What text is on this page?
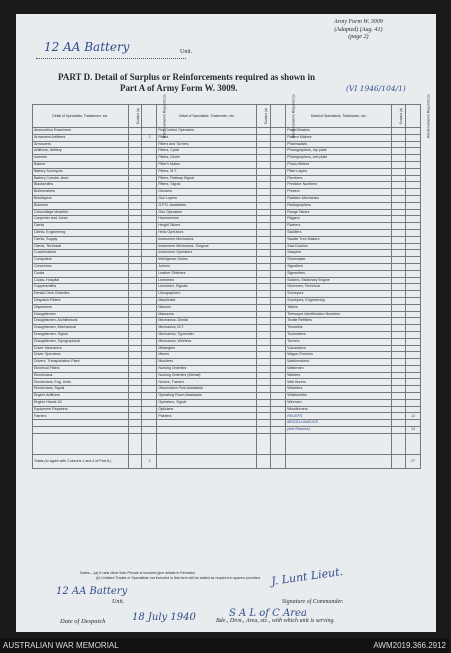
12 AA Battery	Unit.
Army Form W. 3009
(Adapted) (Aug. 41)
(page 2)
PART D. Detail of Surplus or Reinforcements required as shown in
Part A of Army Form W. 3009.	(VI 1946/104/1)
Detail of Specialists, Tradesmen, etc.	Surplus (a)	Reinforcements Required (b)	Detail of Specialists, Tradesmen, etc.	Surplus (a)	Reinforcements Required (b)	Detail of Specialists, Tradesmen, etc.	Surplus (a)	Reinforcements Required (b)
Ammunition Examiners			Fire Control Operators			Panel Beaters		
Armament Artificers		3	Fitters			Pattern Makers		
Armourers			Fitters and Turners			Pharmacists		
Artificers, Artillery			Fitters, Cycle			Photographers, dry plate		
Axemen			Fitters, Driver			Photographers, wet plate		
Bakers			Fitter's Mates			Photo-Writers		
Battery Surveyors			Fitters, M.T.			Plate Layers		
Battery Comdrs. Asst.			Fitters, Railway Signal			Plumbers		
Blacksmiths			Fitters, Signal			Predictor Numbers		
Boilermakers			Grinders			Printers		
Bricklayers			Gun Layers			Radiator Mechanics		
Butchers			G.P.O. Assistants			Radiographers		
Camouflage Modeller			Gun Operators			Range Takers		
Carpenter and Joiner			Hammermen			Riggers		
Clerks			Height Takers			Riveters		
Clerks, Engineering			Helio Operators			Saddlers		
Clerks, Supply			Instrument Mechanics			Saddle Tree Makers		
Clerks, Technical			Instrument Mechanics, Surgical			Saw Doctors		
Coachmakers			Instrument Operators			Sawyers		
Computers			Intelligence Duties			Shoemaker		
Concretors			Joiners			Signallers		
Cooks			Leather Stitchers			Signwriters		
Cooks, Hospital			Linesmen			Stokers, Stationary Engine		
Coppersmiths			Linesmen, Signals			Storemen, Technical		
Dental Clerk Orderlies			Lithographers			Surveyors		
Despatch Riders			Machinists			Surveyors, Engineering		
Dispensers			Masons			Tailors		
Draughtsmen			Masseurs			Telescope Identification Numbers		
Draughtsmen, Architectural			Mechanics, Dental			Textile Refitters		
Draughtsmen, Mechanical			Mechanics, M.T.			Tinsmiths		
Draughtsmen, Signal			Mechanics, Typewriter			Toolmakers		
Draughtsmen, Topographical			Mechanics, Wireless			Turners		
Driver Mechanics			Millwrights			Vulcanisers		
Driver Operators			Miners			Wagon Erectors		
Drivers, Transportation Plant			Moulders			Watchmakers		
Electrical Fitters			Nursing Orderlies			Watermen		
Electricians			Nursing Orderlies (Mental)			Welders		
Electricians, Eng. Units			Nurses, Trained			Well Borers		
Electricians, Signal			Observation Post Assistants			Wheelers		
Engine Artificers			Operating Room Assistants			Whitesmiths		
Engine Hands I/C			Operators, Signal			Wiremen		
Equipment Repairers			Opticians			Woodturners		
Farriers			Painters			RELIEFS		13
						MISCELLANEOUS		
						(see Reverse)		14

Totals (to agree with Columns 1 and 4 of Part A.)		3						27
Notes.—(a) If rank other than Private is involved give details in Remarks.
(b) Unlisted Trades or Specialists not included in this form will be added as required in spaces provided.
12 AA Battery
Unit.
J. Lunt Lieut.
Signature of Commander.
Date of Despatch	18 July 1940	S A L of C Area
Bde., Divn., Area, etc., with which unit is serving.
AUSTRALIAN WAR MEMORIAL	AWM2019.366.2912
